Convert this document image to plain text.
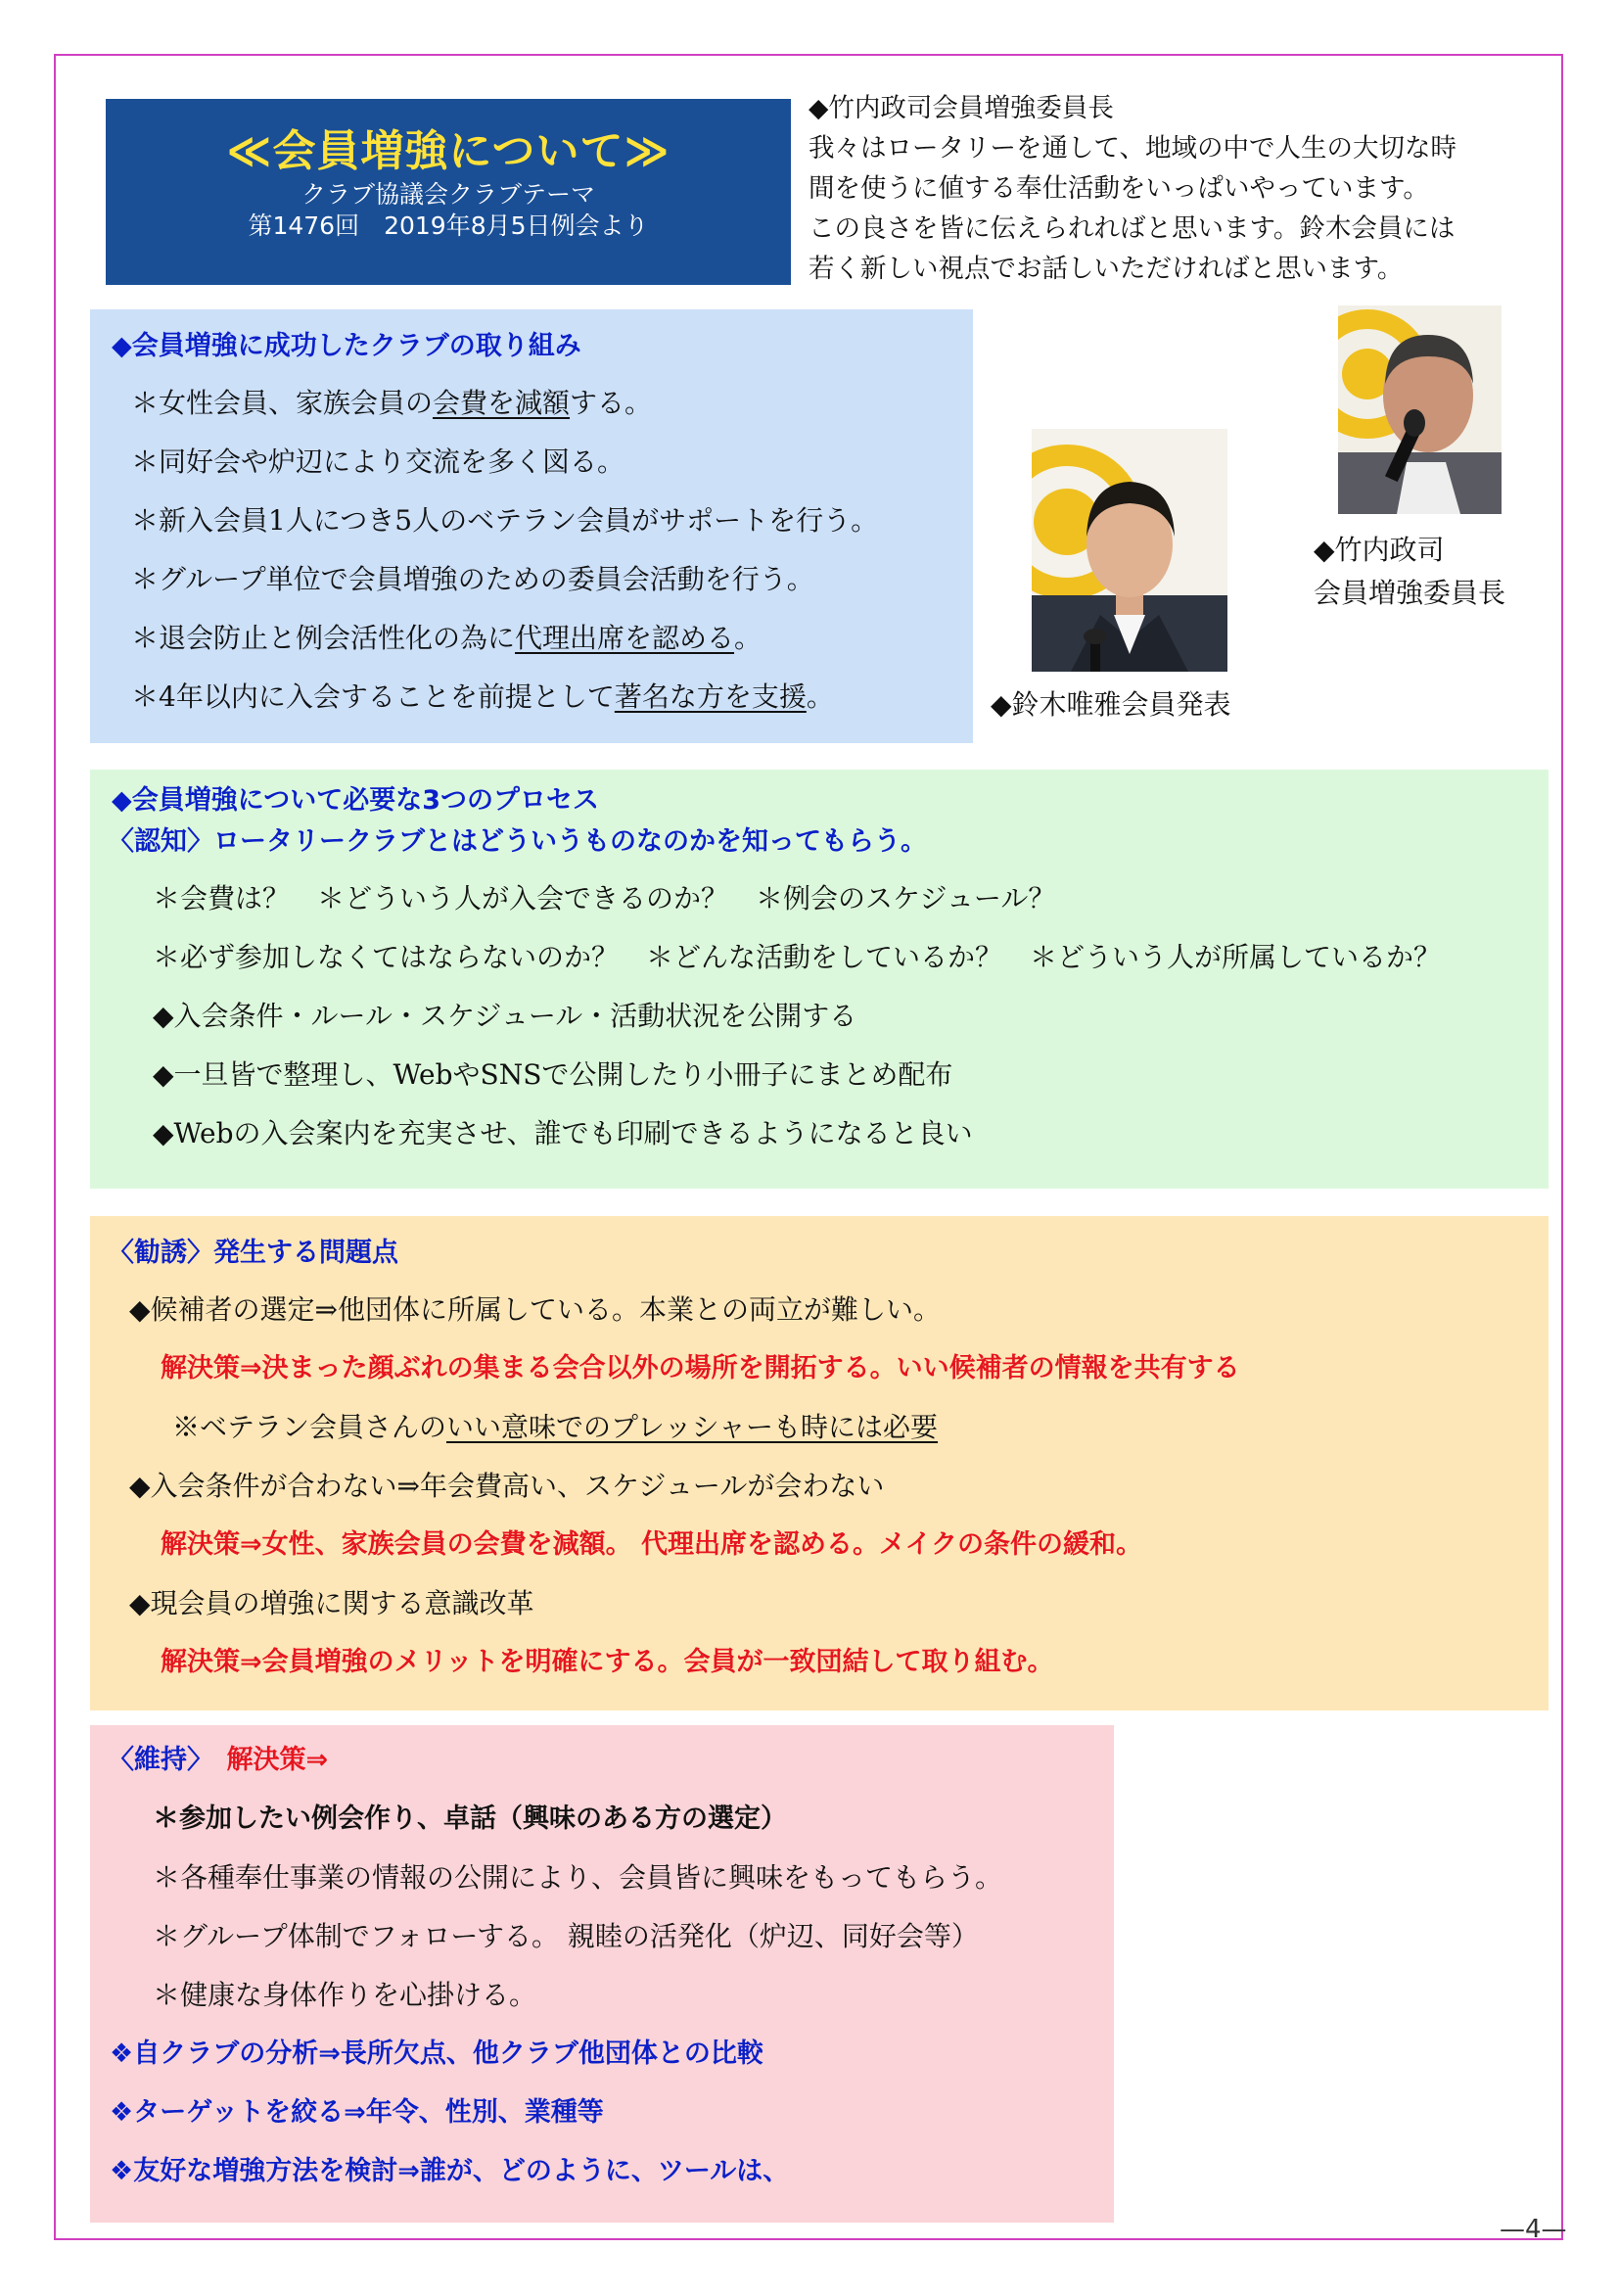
≪会員増強について≫
クラブ協議会クラブテーマ
第1476回　2019年8月5日例会より
◆竹内政司会員増強委員長
我々はロータリーを通して、地域の中で人生の大切な時
間を使うに値する奉仕活動をいっぱいやっています。
この良さを皆に伝えられればと思います。鈴木会員には
若く新しい視点でお話しいただければと思います。
◆会員増強に成功したクラブの取り組み
＊女性会員、家族会員の会費を減額する。
＊同好会や炉辺により交流を多く図る。
＊新入会員1人につき5人のベテラン会員がサポートを行う。
＊グループ単位で会員増強のための委員会活動を行う。
＊退会防止と例会活性化の為に代理出席を認める。
＊4年以内に入会することを前提として著名な方を支援。
◆竹内政司
会員増強委員長
◆鈴木唯雅会員発表
◆会員増強について必要な3つのプロセス
〈認知〉ロータリークラブとはどういうものなのかを知ってもらう。
＊会費は？　＊どういう人が入会できるのか？　＊例会のスケジュール？
＊必ず参加しなくてはならないのか？　＊どんな活動をしているか？　＊どういう人が所属しているか？
◆入会条件・ルール・スケジュール・活動状況を公開する
◆一旦皆で整理し、WebやSNSで公開したり小冊子にまとめ配布
◆Webの入会案内を充実させ、誰でも印刷できるようになると良い
〈勧誘〉発生する問題点
◆候補者の選定⇒他団体に所属している。本業との両立が難しい。
解決策⇒決まった顔ぶれの集まる会合以外の場所を開拓する。いい候補者の情報を共有する
※ベテラン会員さんのいい意味でのプレッシャーも時には必要
◆入会条件が合わない⇒年会費高い、スケジュールが会わない
解決策⇒女性、家族会員の会費を減額。 代理出席を認める。メイクの条件の緩和。
◆現会員の増強に関する意識改革
解決策⇒会員増強のメリットを明確にする。会員が一致団結して取り組む。
〈維持〉　 解決策⇒
＊参加したい例会作り、卓話（興味のある方の選定）
＊各種奉仕事業の情報の公開により、会員皆に興味をもってもらう。
＊グループ体制でフォローする。 親睦の活発化（炉辺、同好会等）
＊健康な身体作りを心掛ける。
❖自クラブの分析⇒長所欠点、他クラブ他団体との比較
❖ターゲットを絞る⇒年令、性別、業種等
❖友好な増強方法を検討⇒誰が、どのように、ツールは、
—4—
